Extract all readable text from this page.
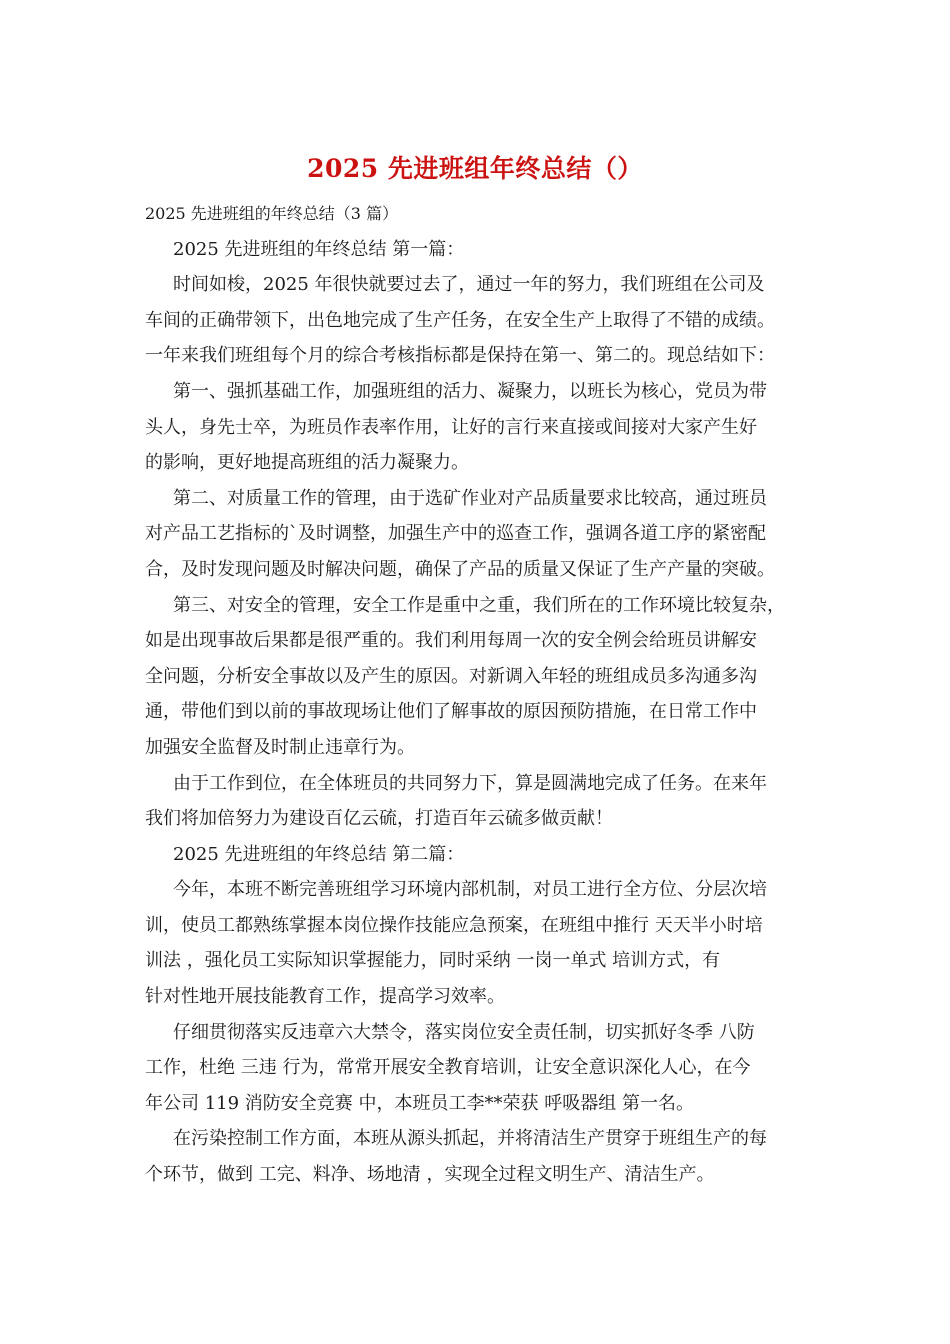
2025 先进班组年终总结（）
2025 先进班组的年终总结（3 篇）
2025 先进班组的年终总结 第一篇：
时间如梭，2025 年很快就要过去了，通过一年的努力，我们班组在公司及
车间的正确带领下，出色地完成了生产任务，在安全生产上取得了不错的成绩。
一年来我们班组每个月的综合考核指标都是保持在第一、第二的。现总结如下：
第一、强抓基础工作，加强班组的活力、凝聚力，以班长为核心，党员为带
头人，身先士卒，为班员作表率作用，让好的言行来直接或间接对大家产生好
的影响，更好地提高班组的活力凝聚力。
第二、对质量工作的管理，由于选矿作业对产品质量要求比较高，通过班员
对产品工艺指标的`及时调整，加强生产中的巡查工作，强调各道工序的紧密配
合，及时发现问题及时解决问题，确保了产品的质量又保证了生产产量的突破。
第三、对安全的管理，安全工作是重中之重，我们所在的工作环境比较复杂，
如是出现事故后果都是很严重的。我们利用每周一次的安全例会给班员讲解安
全问题，分析安全事故以及产生的原因。对新调入年轻的班组成员多沟通多沟
通，带他们到以前的事故现场让他们了解事故的原因预防措施，在日常工作中
加强安全监督及时制止违章行为。
由于工作到位，在全体班员的共同努力下，算是圆满地完成了任务。在来年
我们将加倍努力为建设百亿云硫，打造百年云硫多做贡献！
2025 先进班组的年终总结 第二篇：
今年，本班不断完善班组学习环境内部机制，对员工进行全方位、分层次培
训，使员工都熟练掌握本岗位操作技能应急预案，在班组中推行 天天半小时培
训法 ，强化员工实际知识掌握能力，同时采纳 一岗一单式 培训方式，有
针对性地开展技能教育工作，提高学习效率。
仔细贯彻落实反违章六大禁令，落实岗位安全责任制，切实抓好冬季 八防
工作，杜绝 三违 行为，常常开展安全教育培训，让安全意识深化人心，在今
年公司 119 消防安全竞赛 中，本班员工李**荣获 呼吸器组 第一名。
在污染控制工作方面，本班从源头抓起，并将清洁生产贯穿于班组生产的每
个环节，做到 工完、料净、场地清 ，实现全过程文明生产、清洁生产。
